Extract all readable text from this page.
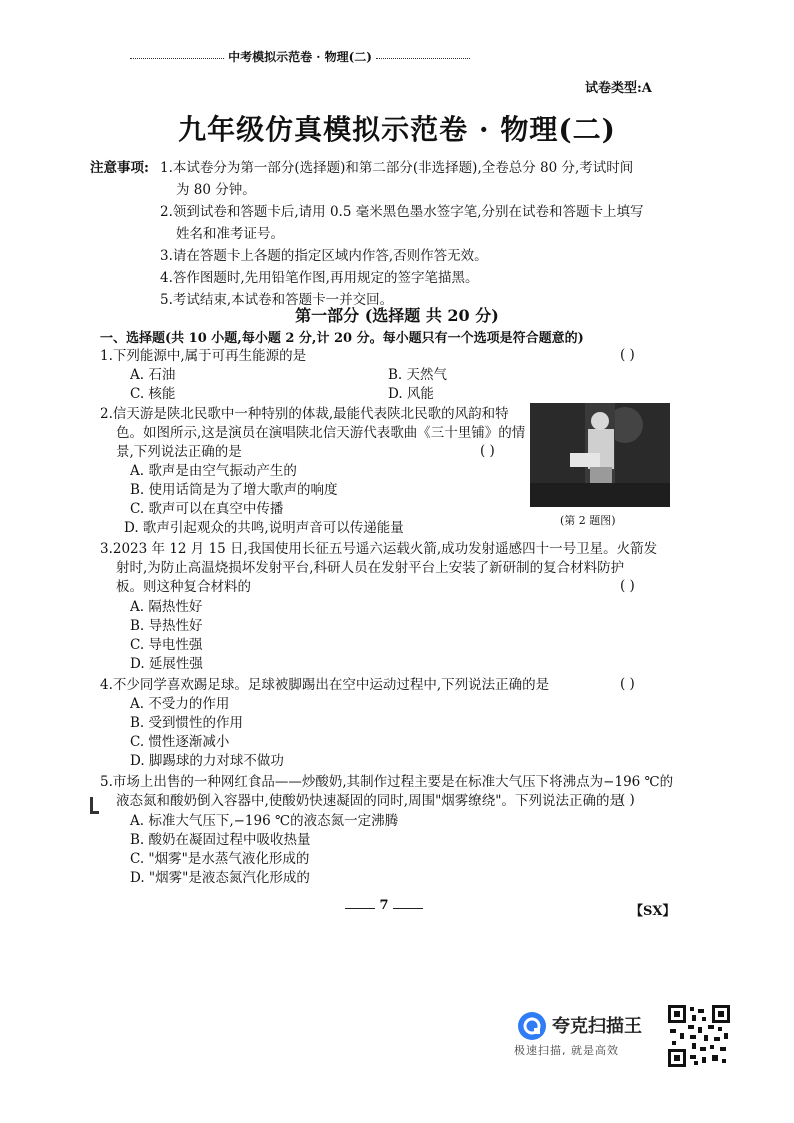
中考模拟示范卷 · 物理(二)
试卷类型:A
九年级仿真模拟示范卷 · 物理(二)
注意事项: 1.本试卷分为第一部分(选择题)和第二部分(非选择题),全卷总分 80 分,考试时间
为 80 分钟。
2.领到试卷和答题卡后,请用 0.5 毫米黑色墨水签字笔,分别在试卷和答题卡上填写
姓名和准考证号。
3.请在答题卡上各题的指定区域内作答,否则作答无效。
4.答作图题时,先用铅笔作图,再用规定的签字笔描黑。
5.考试结束,本试卷和答题卡一并交回。
第一部分 (选择题 共 20 分)
一、选择题(共 10 小题,每小题 2 分,计 20 分。每小题只有一个选项是符合题意的)
1.下列能源中,属于可再生能源的是	( )
A. 石油	B. 天然气
C. 核能	D. 风能
2.信天游是陕北民歌中一种特别的体裁,最能代表陕北民歌的风韵和特
色。如图所示,这是演员在演唱陕北信天游代表歌曲《三十里铺》的情
景,下列说法正确的是	( )
A. 歌声是由空气振动产生的
B. 使用话筒是为了增大歌声的响度
C. 歌声可以在真空中传播
D. 歌声引起观众的共鸣,说明声音可以传递能量	(第 2 题图)
3.2023 年 12 月 15 日,我国使用长征五号遥六运载火箭,成功发射遥感四十一号卫星。火箭发
射时,为防止高温烧损坏发射平台,科研人员在发射平台上安装了新研制的复合材料防护
板。则这种复合材料的	( )
A. 隔热性好
B. 导热性好
C. 导电性强
D. 延展性强
4.不少同学喜欢踢足球。足球被脚踢出在空中运动过程中,下列说法正确的是	( )
A. 不受力的作用
B. 受到惯性的作用
C. 惯性逐渐减小
D. 脚踢球的力对球不做功
5.市场上出售的一种网红食品——炒酸奶,其制作过程主要是在标准大气压下将沸点为−196 ℃的
液态氮和酸奶倒入容器中,使酸奶快速凝固的同时,周围"烟雾缭绕"。下列说法正确的是
( )
A. 标准大气压下,−196 ℃的液态氮一定沸腾
B. 酸奶在凝固过程中吸收热量
C. "烟雾"是水蒸气液化形成的
D. "烟雾"是液态氮汽化形成的
7	【SX】
夸克扫描王
极速扫描, 就是高效
